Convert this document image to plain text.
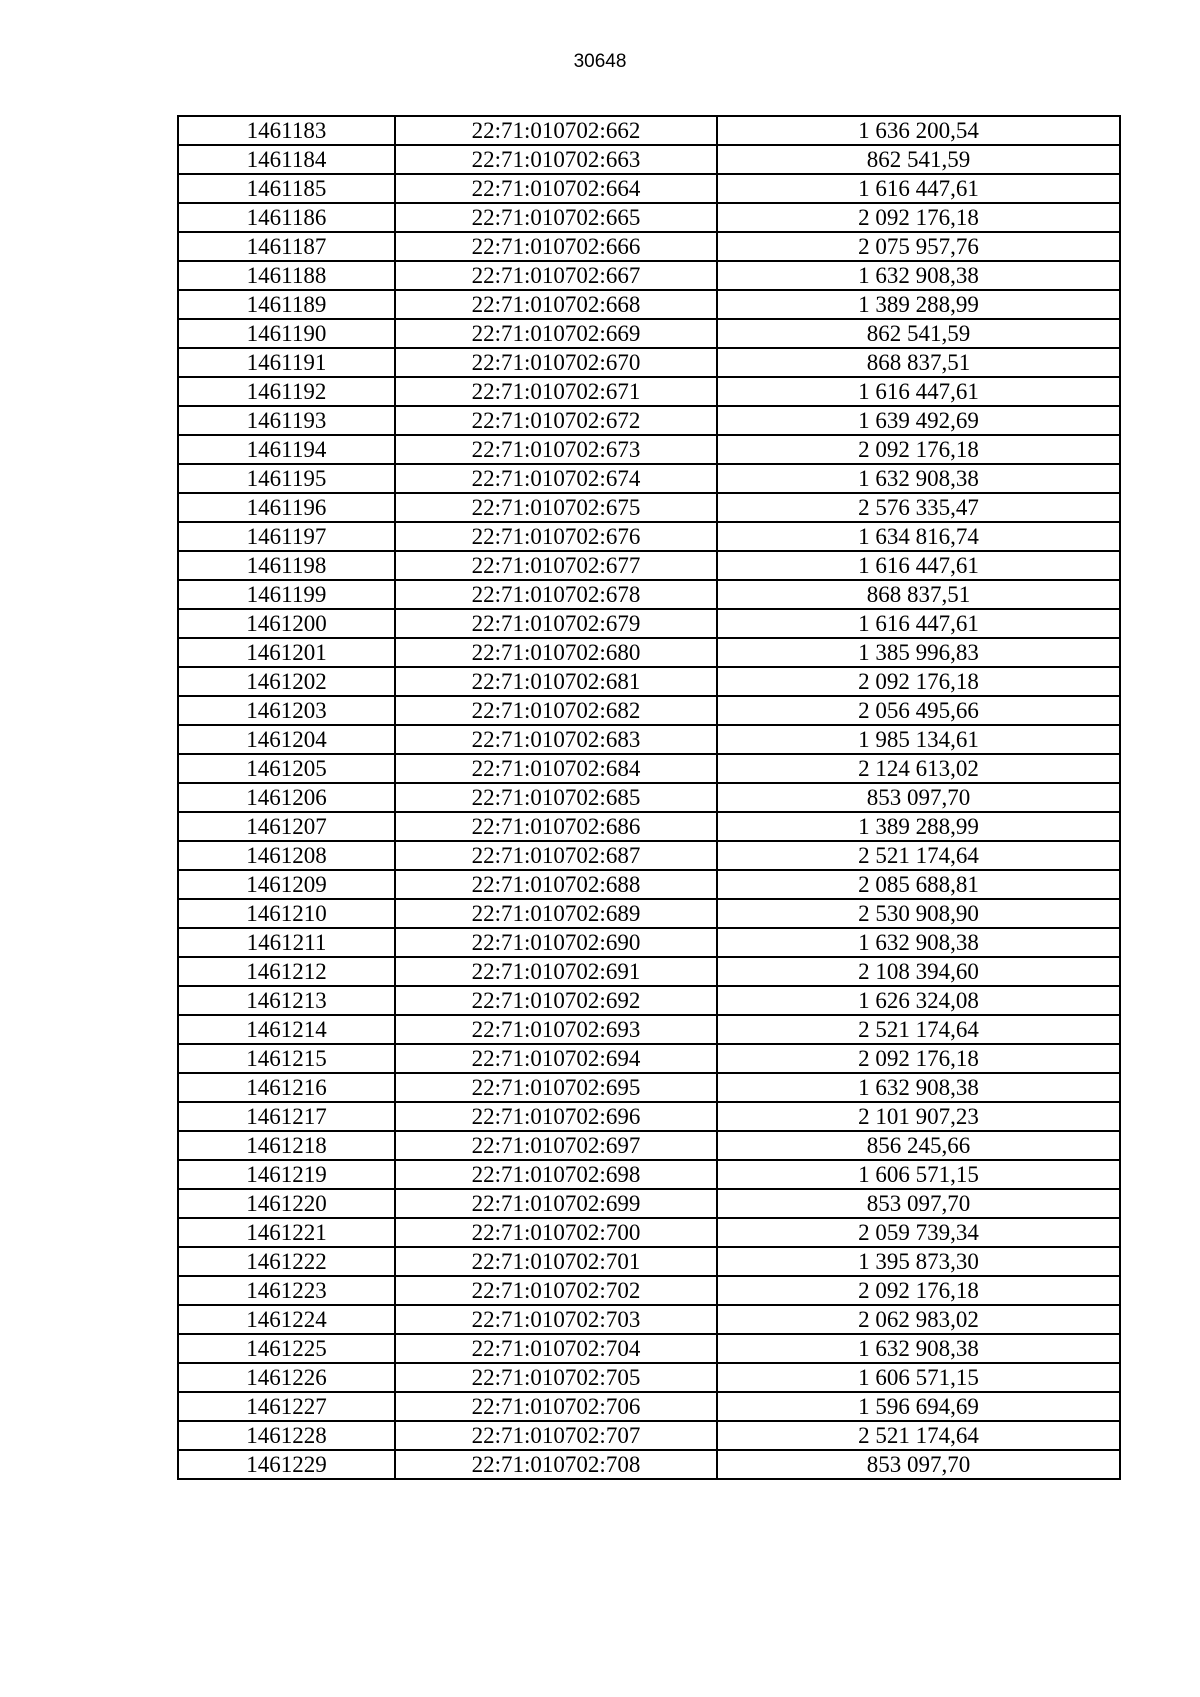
30648
1461183	22:71:010702:662	1 636 200,54
1461184	22:71:010702:663	862 541,59
1461185	22:71:010702:664	1 616 447,61
1461186	22:71:010702:665	2 092 176,18
1461187	22:71:010702:666	2 075 957,76
1461188	22:71:010702:667	1 632 908,38
1461189	22:71:010702:668	1 389 288,99
1461190	22:71:010702:669	862 541,59
1461191	22:71:010702:670	868 837,51
1461192	22:71:010702:671	1 616 447,61
1461193	22:71:010702:672	1 639 492,69
1461194	22:71:010702:673	2 092 176,18
1461195	22:71:010702:674	1 632 908,38
1461196	22:71:010702:675	2 576 335,47
1461197	22:71:010702:676	1 634 816,74
1461198	22:71:010702:677	1 616 447,61
1461199	22:71:010702:678	868 837,51
1461200	22:71:010702:679	1 616 447,61
1461201	22:71:010702:680	1 385 996,83
1461202	22:71:010702:681	2 092 176,18
1461203	22:71:010702:682	2 056 495,66
1461204	22:71:010702:683	1 985 134,61
1461205	22:71:010702:684	2 124 613,02
1461206	22:71:010702:685	853 097,70
1461207	22:71:010702:686	1 389 288,99
1461208	22:71:010702:687	2 521 174,64
1461209	22:71:010702:688	2 085 688,81
1461210	22:71:010702:689	2 530 908,90
1461211	22:71:010702:690	1 632 908,38
1461212	22:71:010702:691	2 108 394,60
1461213	22:71:010702:692	1 626 324,08
1461214	22:71:010702:693	2 521 174,64
1461215	22:71:010702:694	2 092 176,18
1461216	22:71:010702:695	1 632 908,38
1461217	22:71:010702:696	2 101 907,23
1461218	22:71:010702:697	856 245,66
1461219	22:71:010702:698	1 606 571,15
1461220	22:71:010702:699	853 097,70
1461221	22:71:010702:700	2 059 739,34
1461222	22:71:010702:701	1 395 873,30
1461223	22:71:010702:702	2 092 176,18
1461224	22:71:010702:703	2 062 983,02
1461225	22:71:010702:704	1 632 908,38
1461226	22:71:010702:705	1 606 571,15
1461227	22:71:010702:706	1 596 694,69
1461228	22:71:010702:707	2 521 174,64
1461229	22:71:010702:708	853 097,70
